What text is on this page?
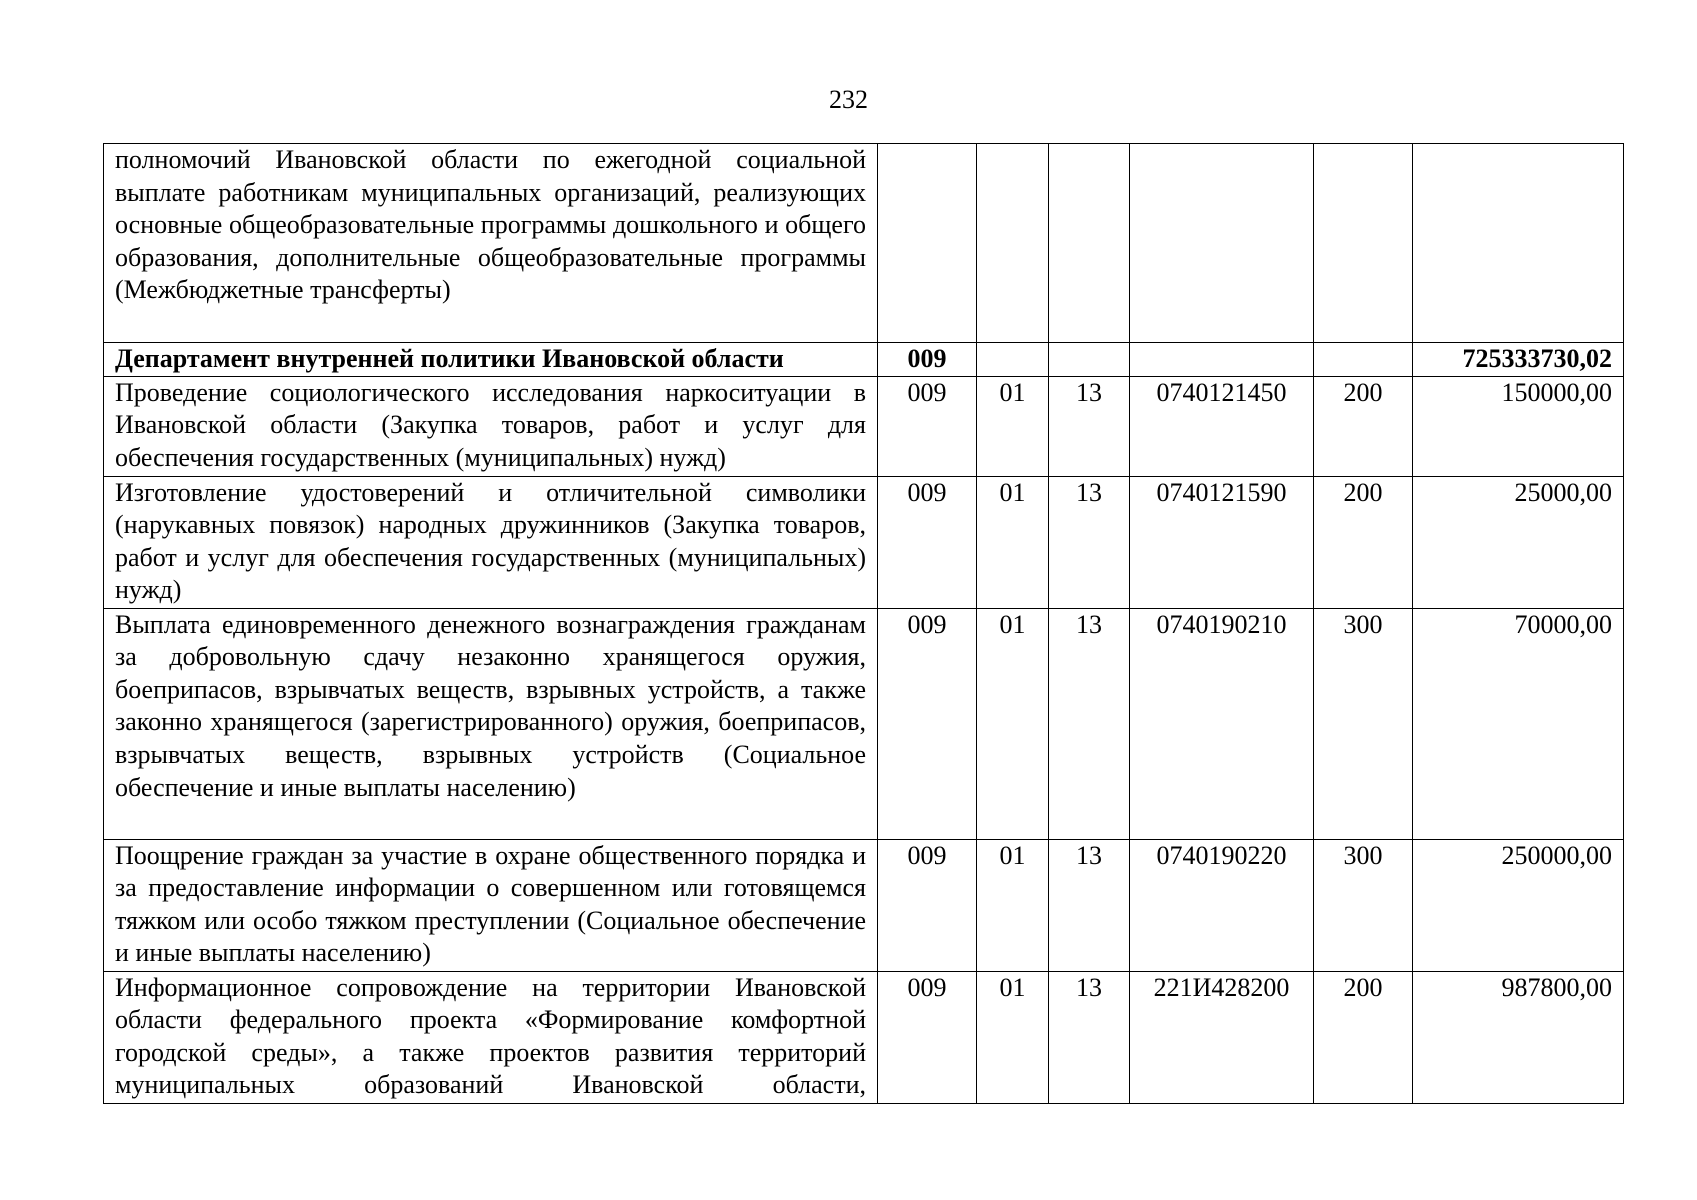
232
полномочий Ивановской области по ежегодной социальной выплате работникам муниципальных организаций, реализующих основные общеобразовательные программы дошкольного и общего образования, дополнительные общеобразовательные программы (Межбюджетные трансферты)						
Департамент внутренней политики Ивановской области	009					725333730,02
Проведение социологического исследования наркоситуации в Ивановской области (Закупка товаров, работ и услуг для обеспечения государственных (муниципальных) нужд)	009	01	13	0740121450	200	150000,00
Изготовление удостоверений и отличительной символики (нарукавных повязок) народных дружинников (Закупка товаров, работ и услуг для обеспечения государственных (муниципальных) нужд)	009	01	13	0740121590	200	25000,00
Выплата единовременного денежного вознаграждения гражданам за добровольную сдачу незаконно хранящегося оружия, боеприпасов, взрывчатых веществ, взрывных устройств, а также законно хранящегося (зарегистрированного) оружия, боеприпасов, взрывчатых веществ, взрывных устройств (Социальное обеспечение и иные выплаты населению)	009	01	13	0740190210	300	70000,00
Поощрение граждан за участие в охране общественного порядка и за предоставление информации о совершенном или готовящемся тяжком или особо тяжком преступлении (Социальное обеспечение и иные выплаты населению)	009	01	13	0740190220	300	250000,00
Информационное сопровождение на территории Ивановской области федерального проекта «Формирование комфортной городской среды», а также проектов развития территорий муниципальных образований Ивановской области,	009	01	13	221И428200	200	987800,00
